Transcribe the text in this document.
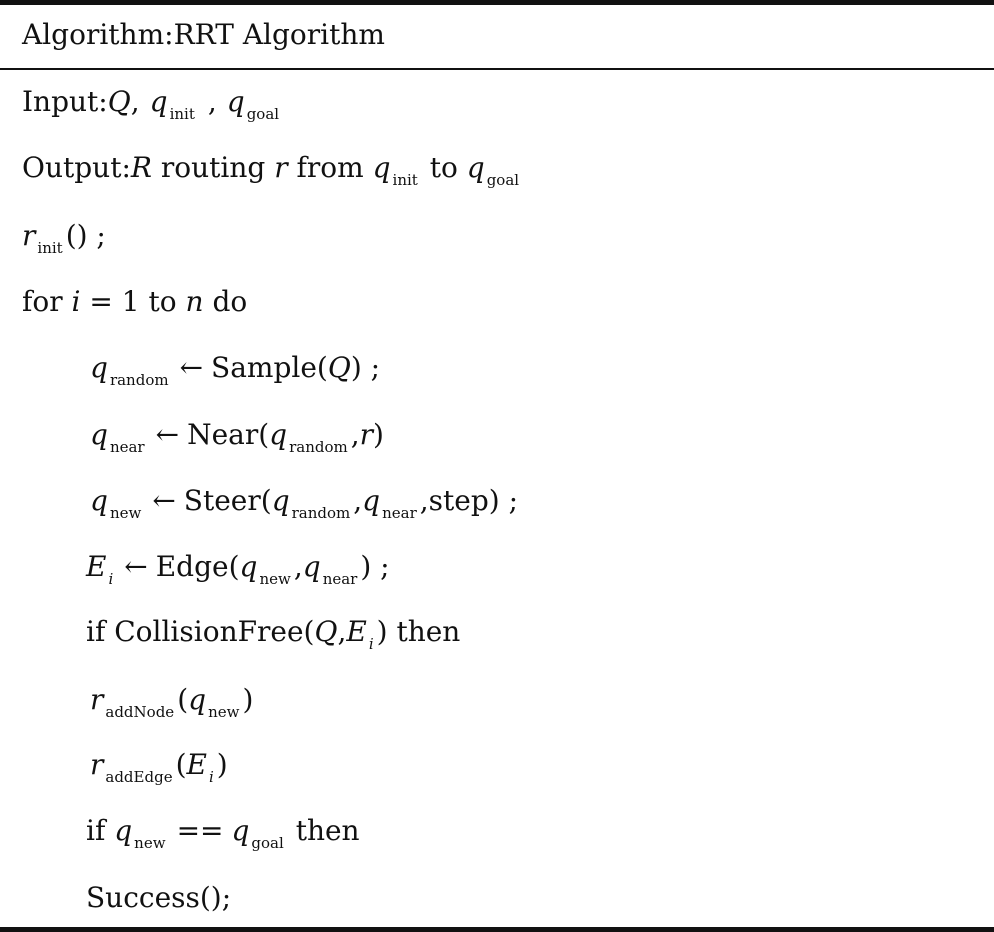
Algorithm:RRT Algorithm
Input:Q, q $_{init}$ , q $_{goal}$
Output:R routing r from q $_{init}$ to q $_{goal}$
r $_{init}$ () ;
for i = 1 to n do
q $_{random}$ ← Sample(Q) ;
q $_{near}$ ← Near(q $_{random}$ ,r)
q $_{new}$ ← Steer(q $_{random}$ ,q $_{near}$ ,step) ;
E $_i$ ← Edge(q $_{new}$ ,q $_{near}$ ) ;
if CollisionFree(Q,E $_i$ ) then
r $_{addNode}$ (q $_{new}$ )
r $_{addEdge}$ (E $_i$ )
if q $_{new}$ == q $_{goal}$ then
Success();
